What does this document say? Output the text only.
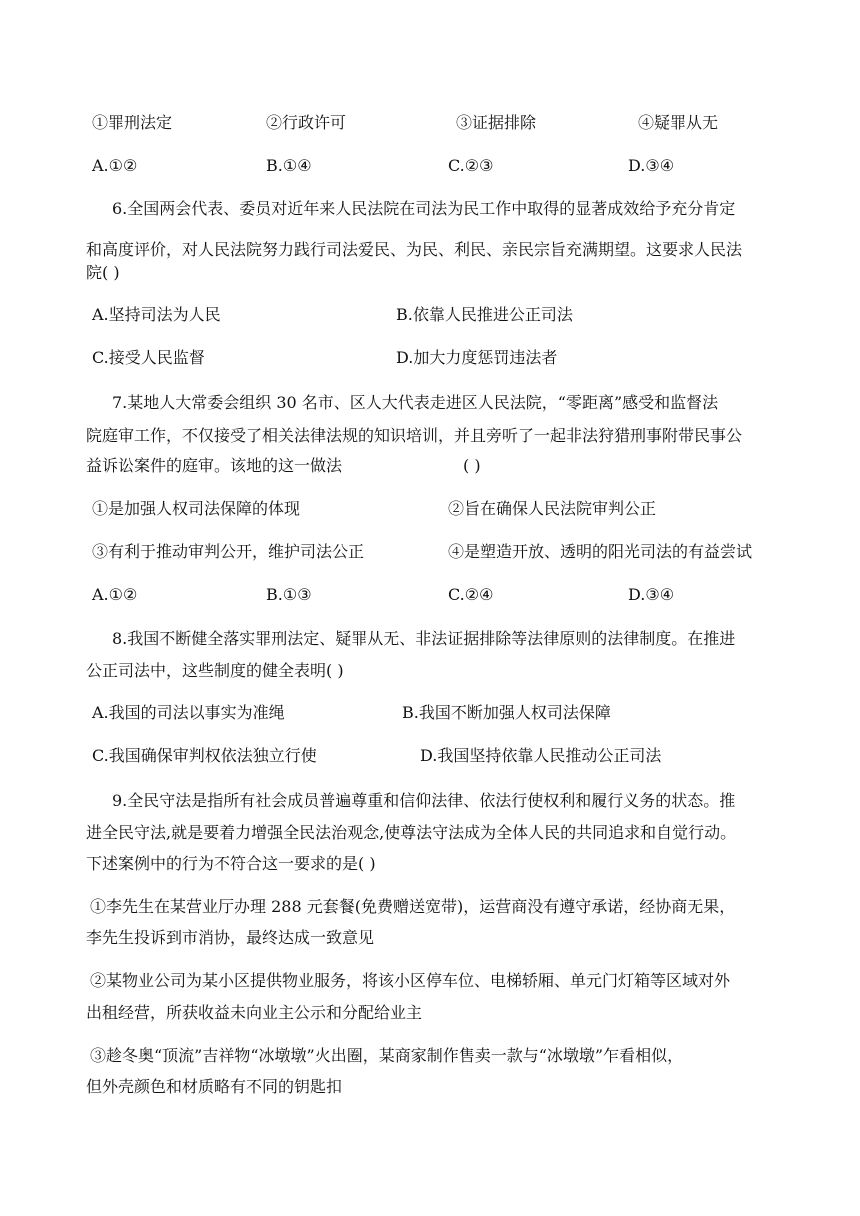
①罪刑法定	②行政许可	③证据排除	④疑罪从无
A.①②	B.①④	C.②③	D.③④
6.全国两会代表、委员对近年来人民法院在司法为民工作中取得的显著成效给予充分肯定
和高度评价，对人民法院努力践行司法爱民、为民、利民、亲民宗旨充满期望。这要求人民法
院( )
A.坚持司法为人民	B.依靠人民推进公正司法
C.接受人民监督	D.加大力度惩罚违法者
7.某地人大常委会组织 30 名市、区人大代表走进区人民法院，“零距离”感受和监督法
院庭审工作，不仅接受了相关法律法规的知识培训，并且旁听了一起非法狩猎刑事附带民事公
益诉讼案件的庭审。该地的这一做法	( )
①是加强人权司法保障的体现	②旨在确保人民法院审判公正
③有利于推动审判公开，维护司法公正	④是塑造开放、透明的阳光司法的有益尝试
A.①②	B.①③	C.②④	D.③④
8.我国不断健全落实罪刑法定、疑罪从无、非法证据排除等法律原则的法律制度。在推进
公正司法中，这些制度的健全表明( )
A.我国的司法以事实为准绳	B.我国不断加强人权司法保障
C.我国确保审判权依法独立行使	D.我国坚持依靠人民推动公正司法
9.全民守法是指所有社会成员普遍尊重和信仰法律、依法行使权利和履行义务的状态。推
进全民守法,就是要着力增强全民法治观念,使尊法守法成为全体人民的共同追求和自觉行动。
下述案例中的行为不符合这一要求的是( )
①李先生在某营业厅办理 288 元套餐(免费赠送宽带)，运营商没有遵守承诺，经协商无果，
李先生投诉到市消协，最终达成一致意见
②某物业公司为某小区提供物业服务，将该小区停车位、电梯轿厢、单元门灯箱等区域对外
出租经营，所获收益未向业主公示和分配给业主
③趁冬奥“顶流”吉祥物“冰墩墩”火出圈，某商家制作售卖一款与“冰墩墩”乍看相似，
但外壳颜色和材质略有不同的钥匙扣
